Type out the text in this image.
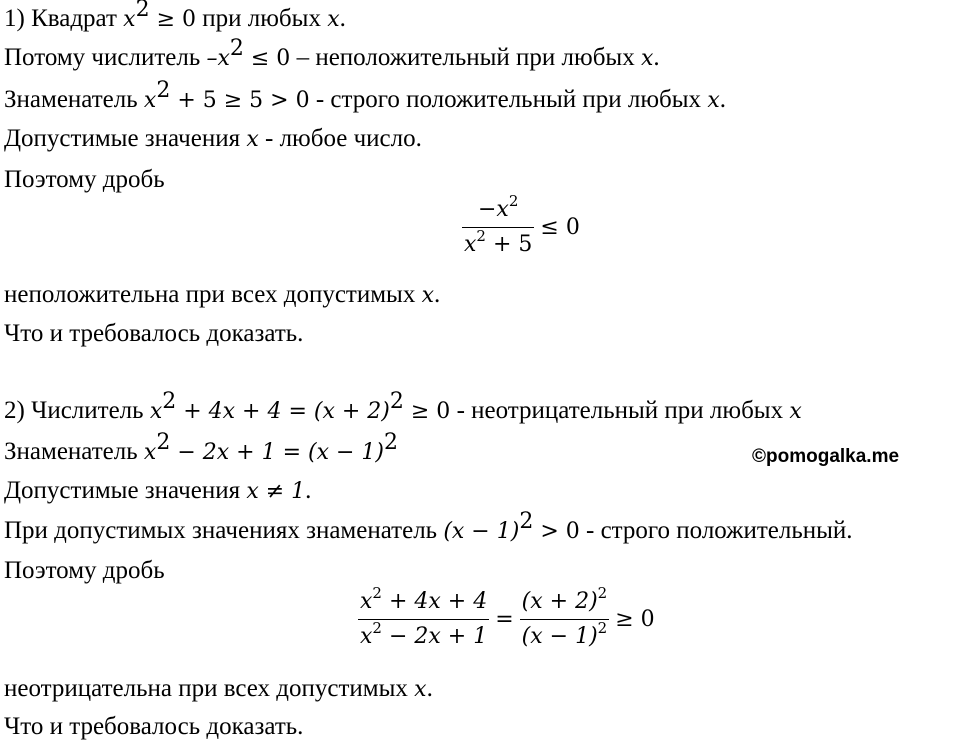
1) Квадрат $x^2 \ge 0$ при любых x.
Потому числитель $-x^2 \le 0$ – неположительный при любых x.
Знаменатель $x^2 + 5 \ge 5 > 0$ - строго положительный при любых x.
Допустимые значения x - любое число.
Поэтому дробь
$\frac{-x^2}{x^2 + 5} \le 0$
неположительна при всех допустимых x.
Что и требовалось доказать.
2) Числитель $x^2 + 4x + 4 = (x + 2)^2 \ge 0$ - неотрицательный при любых x
Знаменатель $x^2 - 2x + 1 = (x - 1)^2$
©pomogalka.me
Допустимые значения x ≠ 1.
При допустимых значениях знаменатель $(x - 1)^2 > 0$ - строго положительный.
Поэтому дробь
$\frac{x^2 + 4x + 4}{x^2 - 2x + 1} = \frac{(x + 2)^2}{(x - 1)^2} \ge 0$
неотрицательна при всех допустимых x.
Что и требовалось доказать.
